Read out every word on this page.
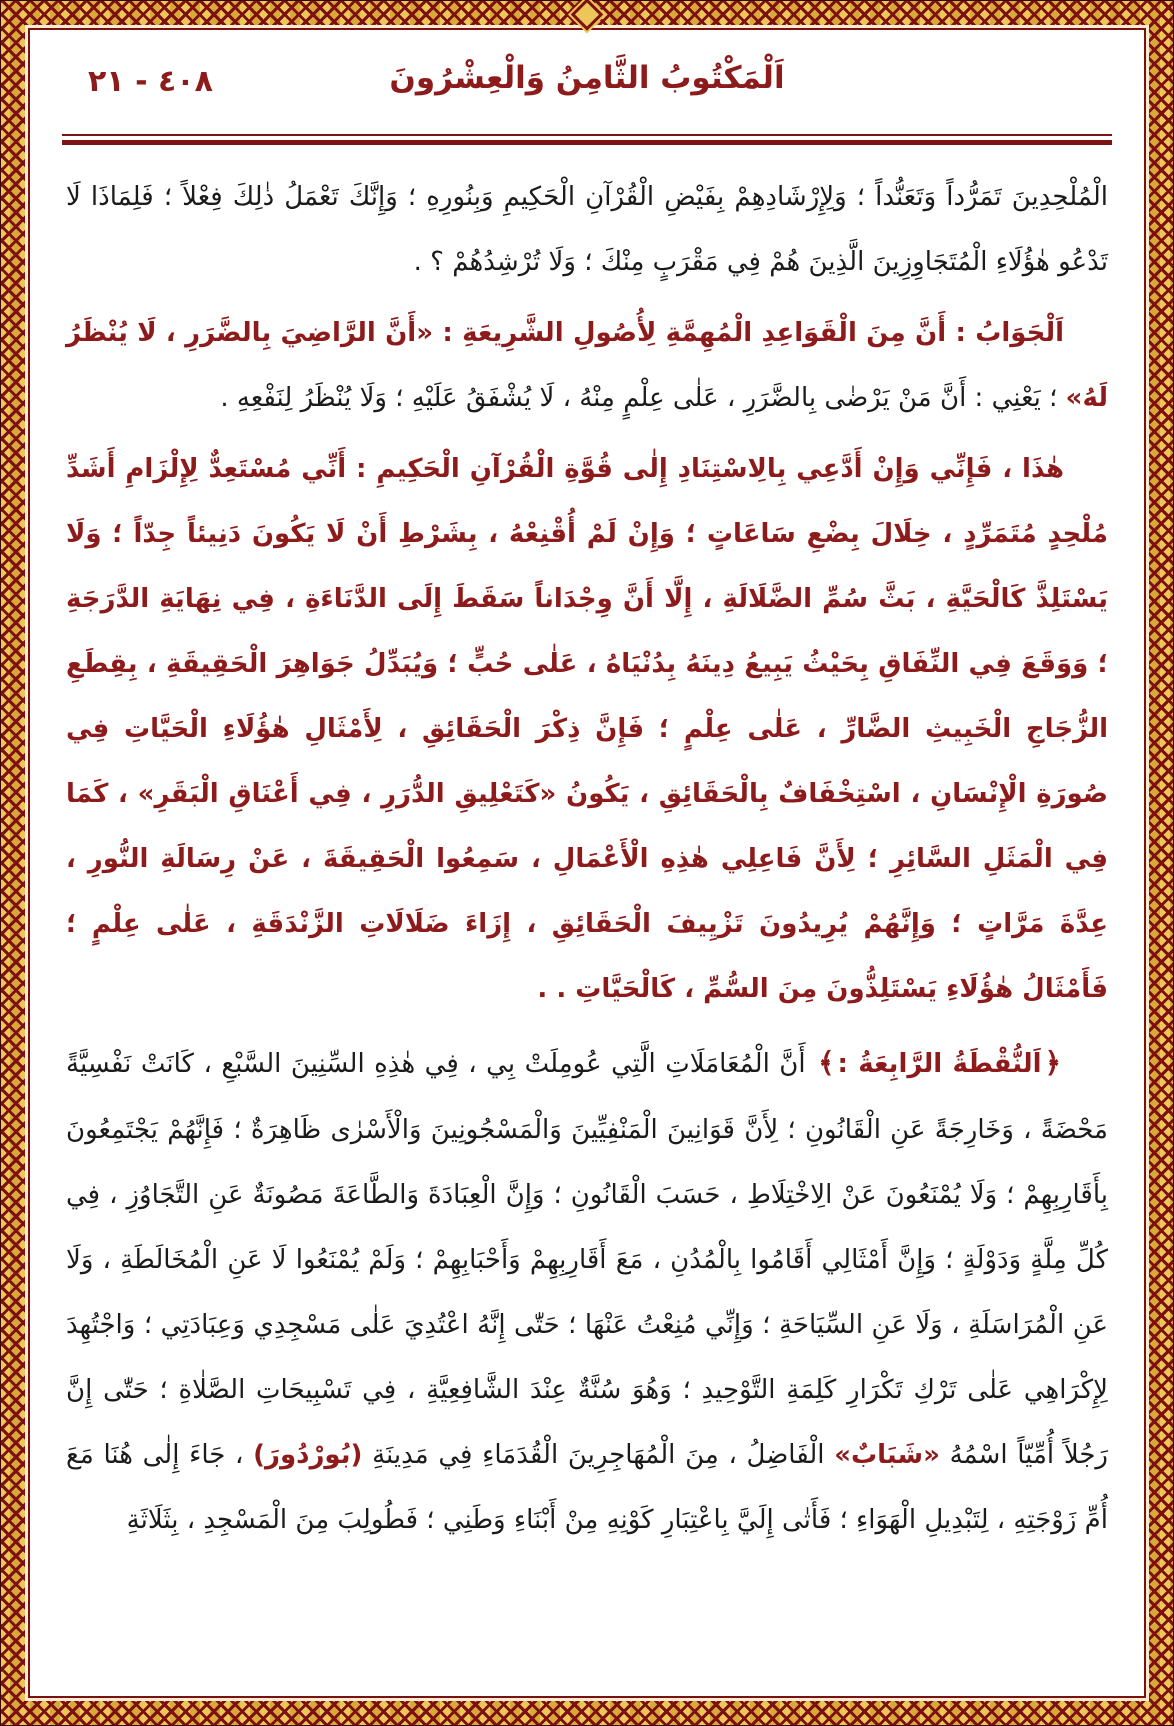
٤٠٨ - ٢١	اَلْمَكْتُوبُ الثَّامِنُ وَالْعِشْرُونَ

الْمُلْحِدِينَ تَمَرُّداً وَتَعَنُّداً ؛ وَلِإِرْشَادِهِمْ بِفَيْضِ الْقُرْآنِ الْحَكِيمِ وَبِنُورِهِ ؛ وَإِنَّكَ تَعْمَلُ ذٰلِكَ فِعْلاً ؛ فَلِمَاذَا لَا تَدْعُو هٰؤُلَاءِ الْمُتَجَاوِزِينَ الَّذِينَ هُمْ فِي مَقْرَبٍ مِنْكَ ؛ وَلَا تُرْشِدُهُمْ ؟ .

اَلْجَوَابُ : أَنَّ مِنَ الْقَوَاعِدِ الْمُهِمَّةِ لِأُصُولِ الشَّرِيعَةِ : «أَنَّ الرَّاضِيَ بِالضَّرَرِ ، لَا يُنْظَرُ لَهُ» ؛ يَعْنِي : أَنَّ مَنْ يَرْضٰى بِالضَّرَرِ ، عَلٰى عِلْمٍ مِنْهُ ، لَا يُشْفَقُ عَلَيْهِ ؛ وَلَا يُنْظَرُ لِنَفْعِهِ .

هٰذَا ، فَإِنِّي وَإِنْ أَدَّعِي بِالِاسْتِنَادِ إِلٰى قُوَّةِ الْقُرْآنِ الْحَكِيمِ : أَنِّي مُسْتَعِدٌّ لِإِلْزَامِ أَشَدِّ مُلْحِدٍ مُتَمَرِّدٍ ، خِلَالَ بِضْعِ سَاعَاتٍ ؛ وَإِنْ لَمْ أُقْنِعْهُ ، بِشَرْطِ أَنْ لَا يَكُونَ دَنِيئاً جِدّاً ؛ وَلَا يَسْتَلِذَّ كَالْحَيَّةِ ، بَثَّ سُمِّ الضَّلَالَةِ ، إِلَّا أَنَّ وِجْدَاناً سَقَطَ إِلَى الدَّنَاءَةِ ، فِي نِهَايَةِ الدَّرَجَةِ ؛ وَوَقَعَ فِي النِّفَاقِ بِحَيْثُ يَبِيعُ دِينَهُ بِدُنْيَاهُ ، عَلٰى حُبٍّ ؛ وَيُبَدِّلُ جَوَاهِرَ الْحَقِيقَةِ ، بِقِطَعِ الزُّجَاجِ الْخَبِيثِ الضَّارِّ ، عَلٰى عِلْمٍ ؛ فَإِنَّ ذِكْرَ الْحَقَائِقِ ، لِأَمْثَالِ هٰؤُلَاءِ الْحَيَّاتِ فِي صُورَةِ الْإِنْسَانِ ، اسْتِخْفَافٌ بِالْحَقَائِقِ ، يَكُونُ «كَتَعْلِيقِ الدُّرَرِ ، فِي أَعْنَاقِ الْبَقَرِ» ، كَمَا فِي الْمَثَلِ السَّائِرِ ؛ لِأَنَّ فَاعِلِي هٰذِهِ الْأَعْمَالِ ، سَمِعُوا الْحَقِيقَةَ ، عَنْ رِسَالَةِ النُّورِ ، عِدَّةَ مَرَّاتٍ ؛ وَإِنَّهُمْ يُرِيدُونَ تَزْيِيفَ الْحَقَائِقِ ، إِزَاءَ ضَلَالَاتِ الزَّنْدَقَةِ ، عَلٰى عِلْمٍ ؛ فَأَمْثَالُ هٰؤُلَاءِ يَسْتَلِذُّونَ مِنَ السُّمِّ ، كَالْحَيَّاتِ . .

﴿اَلنُّقْطَةُ الرَّابِعَةُ :﴾ أَنَّ الْمُعَامَلَاتِ الَّتِي عُومِلَتْ بِي ، فِي هٰذِهِ السِّنِينَ السَّبْعِ ، كَانَتْ نَفْسِيَّةً مَحْضَةً ، وَخَارِجَةً عَنِ الْقَانُونِ ؛ لِأَنَّ قَوَانِينَ الْمَنْفِيِّينَ وَالْمَسْجُونِينَ وَالْأَسْرٰى ظَاهِرَةٌ ؛ فَإِنَّهُمْ يَجْتَمِعُونَ بِأَقَارِبِهِمْ ؛ وَلَا يُمْنَعُونَ عَنْ الِاخْتِلَاطِ ، حَسَبَ الْقَانُونِ ؛ وَإِنَّ الْعِبَادَةَ وَالطَّاعَةَ مَصُونَةٌ عَنِ التَّجَاوُزِ ، فِي كُلِّ مِلَّةٍ وَدَوْلَةٍ ؛ وَإِنَّ أَمْثَالِي أَقَامُوا بِالْمُدُنِ ، مَعَ أَقَارِبِهِمْ وَأَحْبَابِهِمْ ؛ وَلَمْ يُمْنَعُوا لَا عَنِ الْمُخَالَطَةِ ، وَلَا عَنِ الْمُرَاسَلَةِ ، وَلَا عَنِ السِّيَاحَةِ ؛ وَإِنِّي مُنِعْتُ عَنْهَا ؛ حَتّٰى إِنَّهُ اعْتُدِيَ عَلٰى مَسْجِدِي وَعِبَادَتِي ؛ وَاجْتُهِدَ لِإِكْرَاهِي عَلٰى تَرْكِ تَكْرَارِ كَلِمَةِ التَّوْحِيدِ ؛ وَهُوَ سُنَّةٌ عِنْدَ الشَّافِعِيَّةِ ، فِي تَسْبِيحَاتِ الصَّلٰاةِ ؛ حَتّٰى إِنَّ رَجُلاً أُمِّيّاً اسْمُهُ «شَبَابٌ» الْفَاضِلُ ، مِنَ الْمُهَاجِرِينَ الْقُدَمَاءِ فِي مَدِينَةِ (بُورْدُورَ) ، جَاءَ إِلٰى هُنَا مَعَ أُمِّ زَوْجَتِهِ ، لِتَبْدِيلِ الْهَوَاءِ ؛ فَأَتٰى إِلَيَّ بِاعْتِبَارِ كَوْنِهِ مِنْ أَبْنَاءِ وَطَنِي ؛ فَطُولِبَ مِنَ الْمَسْجِدِ ، بِثَلَاثَةِ
